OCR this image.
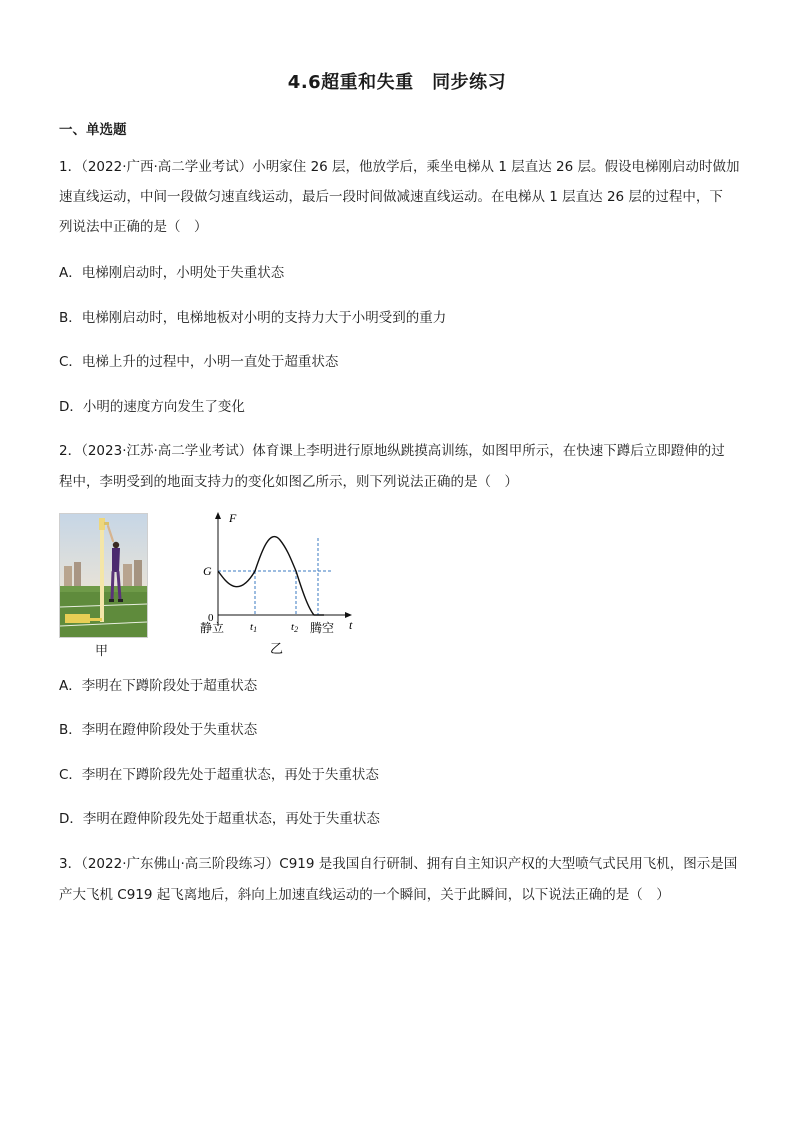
4.6超重和失重　同步练习
一、单选题
1．（2022·广西·高二学业考试）小明家住 26 层，他放学后，乘坐电梯从 1 层直达 26 层。假设电梯刚启动时做加
速直线运动，中间一段做匀速直线运动，最后一段时间做减速直线运动。在电梯从 1 层直达 26 层的过程中，下
列说法中正确的是（　）
A．电梯刚启动时，小明处于失重状态
B．电梯刚启动时，电梯地板对小明的支持力大于小明受到的重力
C．电梯上升的过程中，小明一直处于超重状态
D．小明的速度方向发生了变化
2．（2023·江苏·高二学业考试）体育课上李明进行原地纵跳摸高训练，如图甲所示，在快速下蹲后立即蹬伸的过
程中，李明受到的地面支持力的变化如图乙所示，则下列说法正确的是（　）
甲
F
t
0
G
t1	t2
静立	腾空
乙
A．李明在下蹲阶段处于超重状态
B．李明在蹬伸阶段处于失重状态
C．李明在下蹲阶段先处于超重状态，再处于失重状态
D．李明在蹬伸阶段先处于超重状态，再处于失重状态
3．（2022·广东佛山·高三阶段练习）C919 是我国自行研制、拥有自主知识产权的大型喷气式民用飞机，图示是国
产大飞机 C919 起飞离地后，斜向上加速直线运动的一个瞬间，关于此瞬间，以下说法正确的是（　）
